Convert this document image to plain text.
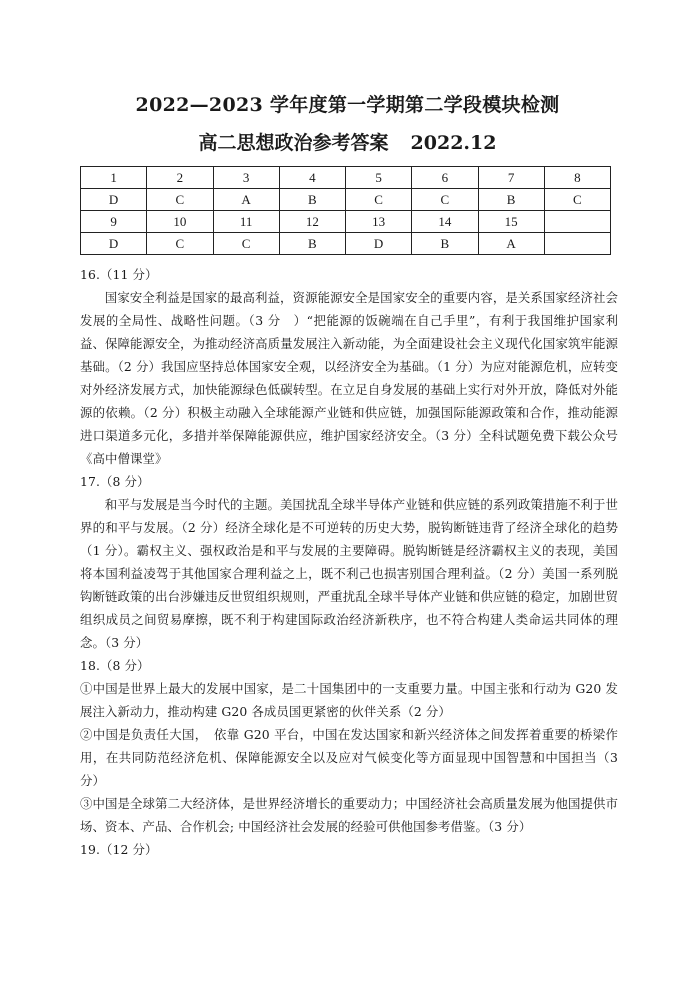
2022—2023 学年度第一学期第二学段模块检测
高二思想政治参考答案 2022.12
1	2	3	4	5	6	7	8
D	C	A	B	C	C	B	C
9	10	11	12	13	14	15	
D	C	C	B	D	B	A	

16.（11 分）

国家安全利益是国家的最高利益，资源能源安全是国家安全的重要内容，是关系国家经济社会发展的全局性、战略性问题。（3 分　）“把能源的饭碗端在自己手里”，有利于我国维护国家利益、保障能源安全，为推动经济高质量发展注入新动能，为全面建设社会主义现代化国家筑牢能源基础。（2 分）我国应坚持总体国家安全观，以经济安全为基础。（1 分）为应对能源危机，应转变对外经济发展方式，加快能源绿色低碳转型。在立足自身发展的基础上实行对外开放，降低对外能源的依赖。（2 分）积极主动融入全球能源产业链和供应链，加强国际能源政策和合作，推动能源进口渠道多元化，多措并举保障能源供应，维护国家经济安全。（3 分）全科试题免费下载公众号《高中僧课堂》

17.（8 分）

和平与发展是当今时代的主题。美国扰乱全球半导体产业链和供应链的系列政策措施不利于世界的和平与发展。（2 分）经济全球化是不可逆转的历史大势，脱钩断链违背了经济全球化的趋势（1 分）。霸权主义、强权政治是和平与发展的主要障碍。脱钩断链是经济霸权主义的表现，美国将本国利益凌驾于其他国家合理利益之上，既不利己也损害别国合理利益。（2 分）美国一系列脱钩断链政策的出台涉嫌违反世贸组织规则，严重扰乱全球半导体产业链和供应链的稳定，加剧世贸组织成员之间贸易摩擦，既不利于构建国际政治经济新秩序，也不符合构建人类命运共同体的理念。（3 分）

18.（8 分）

①中国是世界上最大的发展中国家，是二十国集团中的一支重要力量。中国主张和行动为 G20 发展注入新动力，推动构建 G20 各成员国更紧密的伙伴关系（2 分）

②中国是负责任大国，　依靠 G20 平台，中国在发达国家和新兴经济体之间发挥着重要的桥梁作用，在共同防范经济危机、保障能源安全以及应对气候变化等方面显现中国智慧和中国担当（3 分）

③中国是全球第二大经济体，是世界经济增长的重要动力；中国经济社会高质量发展为他国提供市场、资本、产品、合作机会; 中国经济社会发展的经验可供他国参考借鉴。（3 分）

19.（12 分）
